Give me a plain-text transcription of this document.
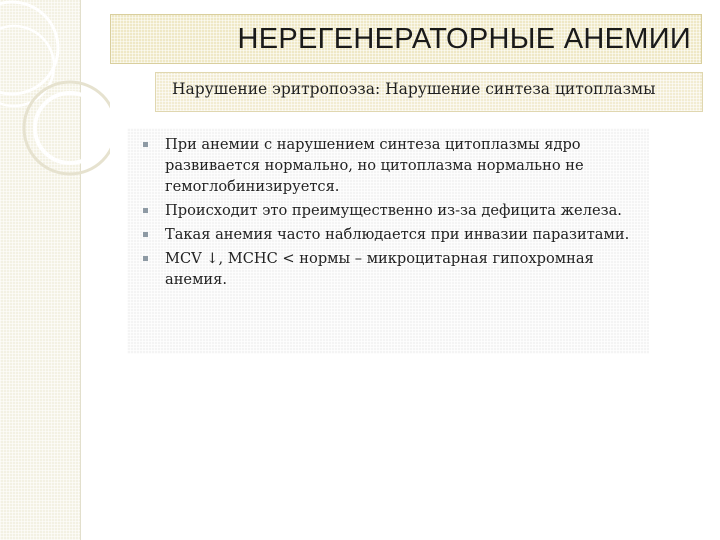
НЕРЕГЕНЕРАТОРНЫЕ АНЕМИИ
Нарушение эритропоэза: Нарушение синтеза цитоплазмы
При анемии с нарушением синтеза цитоплазмы ядро развивается нормально, но цитоплазма нормально не гемоглобинизируется.
Происходит это преимущественно из-за дефицита железа.
Такая анемия часто наблюдается при инвазии паразитами.
MCV ↓, MCHC < нормы – микроцитарная гипохромная анемия.
